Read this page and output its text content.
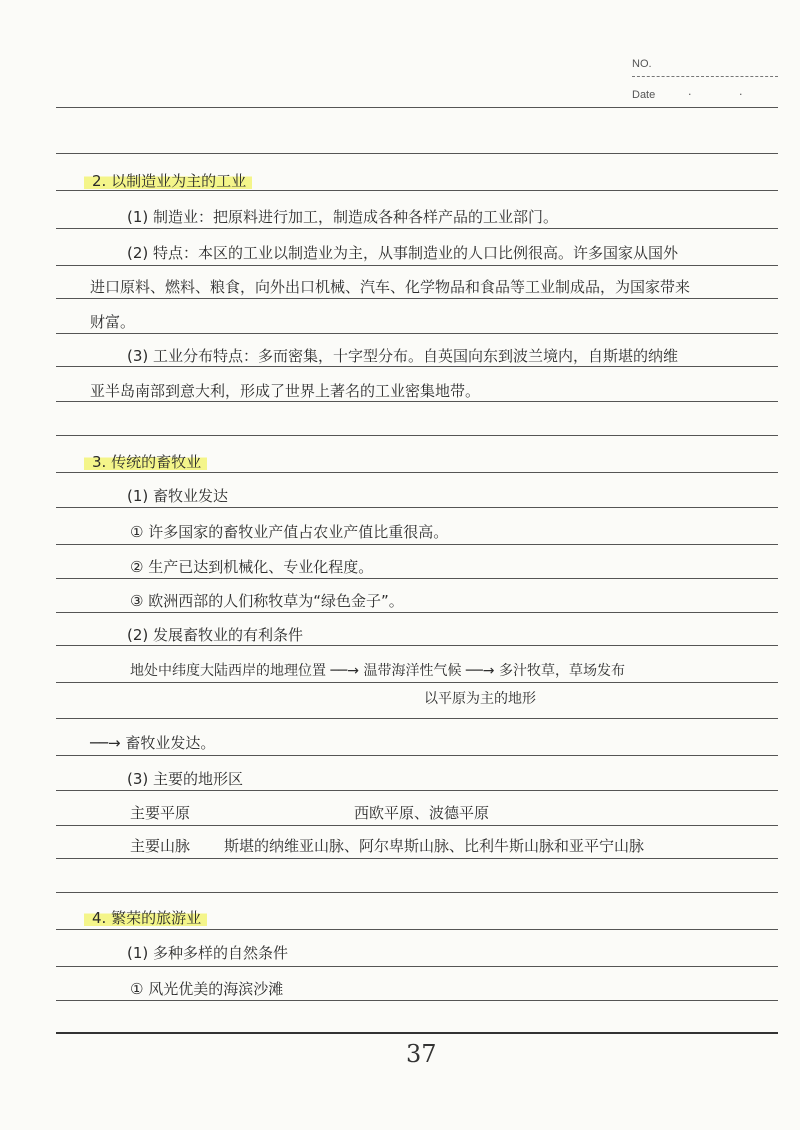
NO.
Date	· ·
2. 以制造业为主的工业
(1) 制造业：把原料进行加工，制造成各种各样产品的工业部门。
(2) 特点：本区的工业以制造业为主，从事制造业的人口比例很高。许多国家从国外
进口原料、燃料、粮食，向外出口机械、汽车、化学物品和食品等工业制成品，为国家带来
财富。
(3) 工业分布特点：多而密集，十字型分布。自英国向东到波兰境内，自斯堪的纳维
亚半岛南部到意大利，形成了世界上著名的工业密集地带。
3. 传统的畜牧业
(1) 畜牧业发达
① 许多国家的畜牧业产值占农业产值比重很高。
② 生产已达到机械化、专业化程度。
③ 欧洲西部的人们称牧草为“绿色金子”。
(2) 发展畜牧业的有利条件
地处中纬度大陆西岸的地理位置 ──→ 温带海洋性气候 ──→ 多汁牧草，草场发布
以平原为主的地形
──→ 畜牧业发达。
(3) 主要的地形区
主要平原	西欧平原、波德平原
主要山脉 斯堪的纳维亚山脉、阿尔卑斯山脉、比利牛斯山脉和亚平宁山脉
4. 繁荣的旅游业
(1) 多种多样的自然条件
① 风光优美的海滨沙滩
37
